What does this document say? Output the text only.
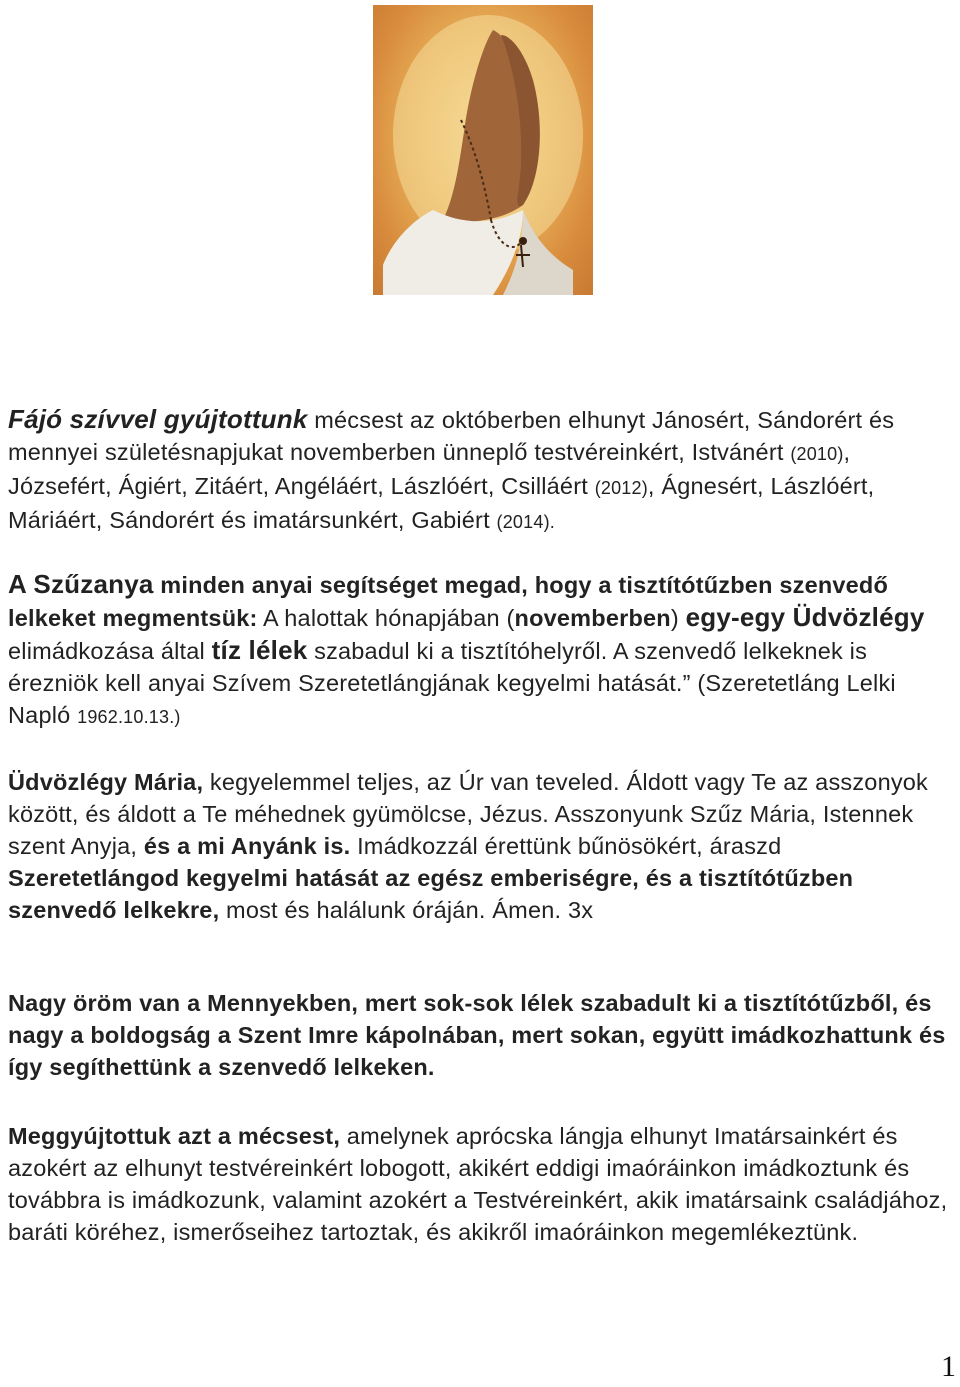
Fájó szívvel gyújtottunk mécsest az októberben elhunyt Jánosért, Sándorért és mennyei születésnapjukat novemberben ünneplő testvéreinkért, Istvánért (2010), Józsefért, Ágiért, Zitáért, Angéláért, Lászlóért, Csilláért (2012), Ágnesért, Lászlóért, Máriáért, Sándorért és imatársunkért, Gabiért (2014).

A Szűzanya minden anyai segítséget megad, hogy a tisztítótűzben szenvedő lelkeket megmentsük: A halottak hónapjában (novemberben) egy-egy Üdvözlégy elimádkozása által tíz lélek szabadul ki a tisztítóhelyről. A szenvedő lelkeknek is érezniök kell anyai Szívem Szeretetlángjának kegyelmi hatását.” (Szeretetláng Lelki Napló 1962.10.13.)

Üdvözlégy Mária, kegyelemmel teljes, az Úr van teveled. Áldott vagy Te az asszonyok között, és áldott a Te méhednek gyümölcse, Jézus. Asszonyunk Szűz Mária, Istennek szent Anyja, és a mi Anyánk is. Imádkozzál érettünk bűnösökért, áraszd Szeretetlángod kegyelmi hatását az egész emberiségre, és a tisztítótűzben szenvedő lelkekre, most és halálunk óráján. Ámen. 3x

Nagy öröm van a Mennyekben, mert sok-sok lélek szabadult ki a tisztítótűzből, és nagy a boldogság a Szent Imre kápolnában, mert sokan, együtt imádkozhattunk és így segíthettünk a szenvedő lelkeken.

Meggyújtottuk azt a mécsest, amelynek aprócska lángja elhunyt Imatársainkért és azokért az elhunyt testvéreinkért lobogott, akikért eddigi imaóráinkon imádkoztunk és továbbra is imádkozunk, valamint azokért a Testvéreinkért, akik imatársaink családjához, baráti köréhez, ismerőseihez tartoztak, és akikről imaóráinkon megemlékeztünk.

1
